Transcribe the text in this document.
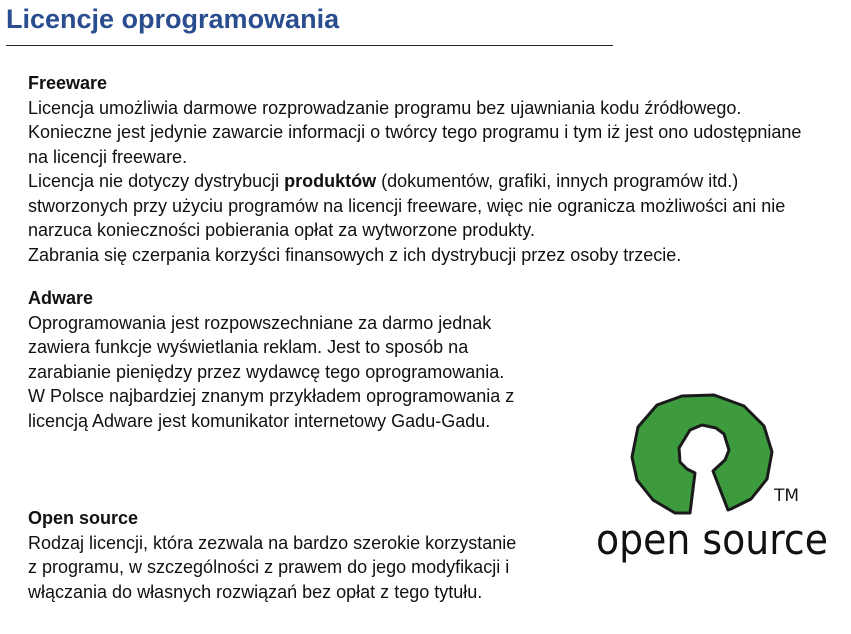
Licencje oprogramowania
Freeware
Licencja umożliwia darmowe rozprowadzanie programu bez ujawniania kodu źródłowego. Konieczne jest jedynie zawarcie informacji o twórcy tego programu i tym iż jest ono udostępniane na licencji freeware.
Licencja nie dotyczy dystrybucji produktów (dokumentów, grafiki, innych programów itd.) stworzonych przy użyciu programów na licencji freeware, więc nie ogranicza możliwości ani nie narzuca konieczności pobierania opłat za wytworzone produkty.
Zabrania się czerpania korzyści finansowych z ich dystrybucji przez osoby trzecie.
Adware
Oprogramowania jest rozpowszechniane za darmo jednak zawiera funkcje wyświetlania reklam. Jest to sposób na zarabianie pieniędzy przez wydawcę tego oprogramowania.
W Polsce najbardziej znanym przykładem oprogramowania z licencją Adware jest komunikator internetowy Gadu-Gadu.
Open source
Rodzaj licencji, która zezwala na bardzo szerokie korzystanie z programu, w szczególności z prawem do jego modyfikacji i włączania do własnych rozwiązań bez opłat z tego tytułu.
TM
open source
